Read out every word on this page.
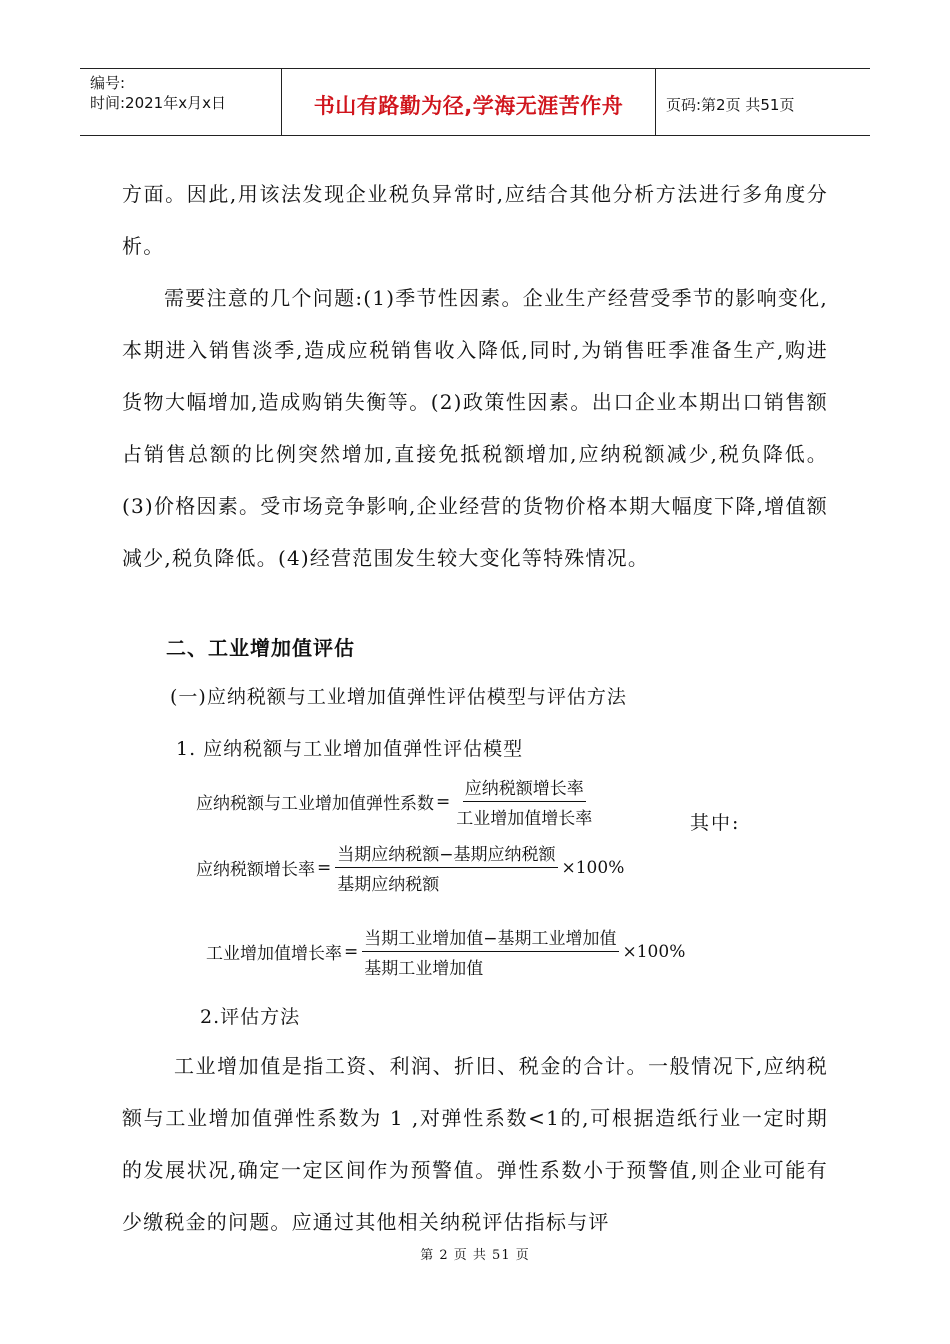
编号:
时间:2021年x月x日	书山有路勤为径,学海无涯苦作舟	页码:第2页 共51页

方面。因此,用该法发现企业税负异常时,应结合其他分析方法进行多角度分析。

需要注意的几个问题:(1)季节性因素。企业生产经营受季节的影响变化,本期进入销售淡季,造成应税销售收入降低,同时,为销售旺季准备生产,购进货物大幅增加,造成购销失衡等。(2)政策性因素。出口企业本期出口销售额占销售总额的比例突然增加,直接免抵税额增加,应纳税额减少,税负降低。(3)价格因素。受市场竞争影响,企业经营的货物价格本期大幅度下降,增值额减少,税负降低。(4)经营范围发生较大变化等特殊情况。

二、工业增加值评估
(一)应纳税额与工业增加值弹性评估模型与评估方法
1. 应纳税额与工业增加值弹性评估模型
应纳税额与工业增加值弹性系数 = $\frac{\text{应纳税额增长率}}{\text{工业增加值增长率}}$	其中:
应纳税额增长率 = $\frac{\text{当期应纳税额−基期应纳税额}}{\text{基期应纳税额}} \times 100\%$
工业增加值增长率 = $\frac{\text{当期工业增加值−基期工业增加值}}{\text{基期工业增加值}} \times 100\%$
2.评估方法

工业增加值是指工资、利润、折旧、税金的合计。一般情况下,应纳税额与工业增加值弹性系数为 1 ,对弹性系数<1的,可根据造纸行业一定时期的发展状况,确定一定区间作为预警值。弹性系数小于预警值,则企业可能有少缴税金的问题。应通过其他相关纳税评估指标与评

第 2 页 共 51 页
